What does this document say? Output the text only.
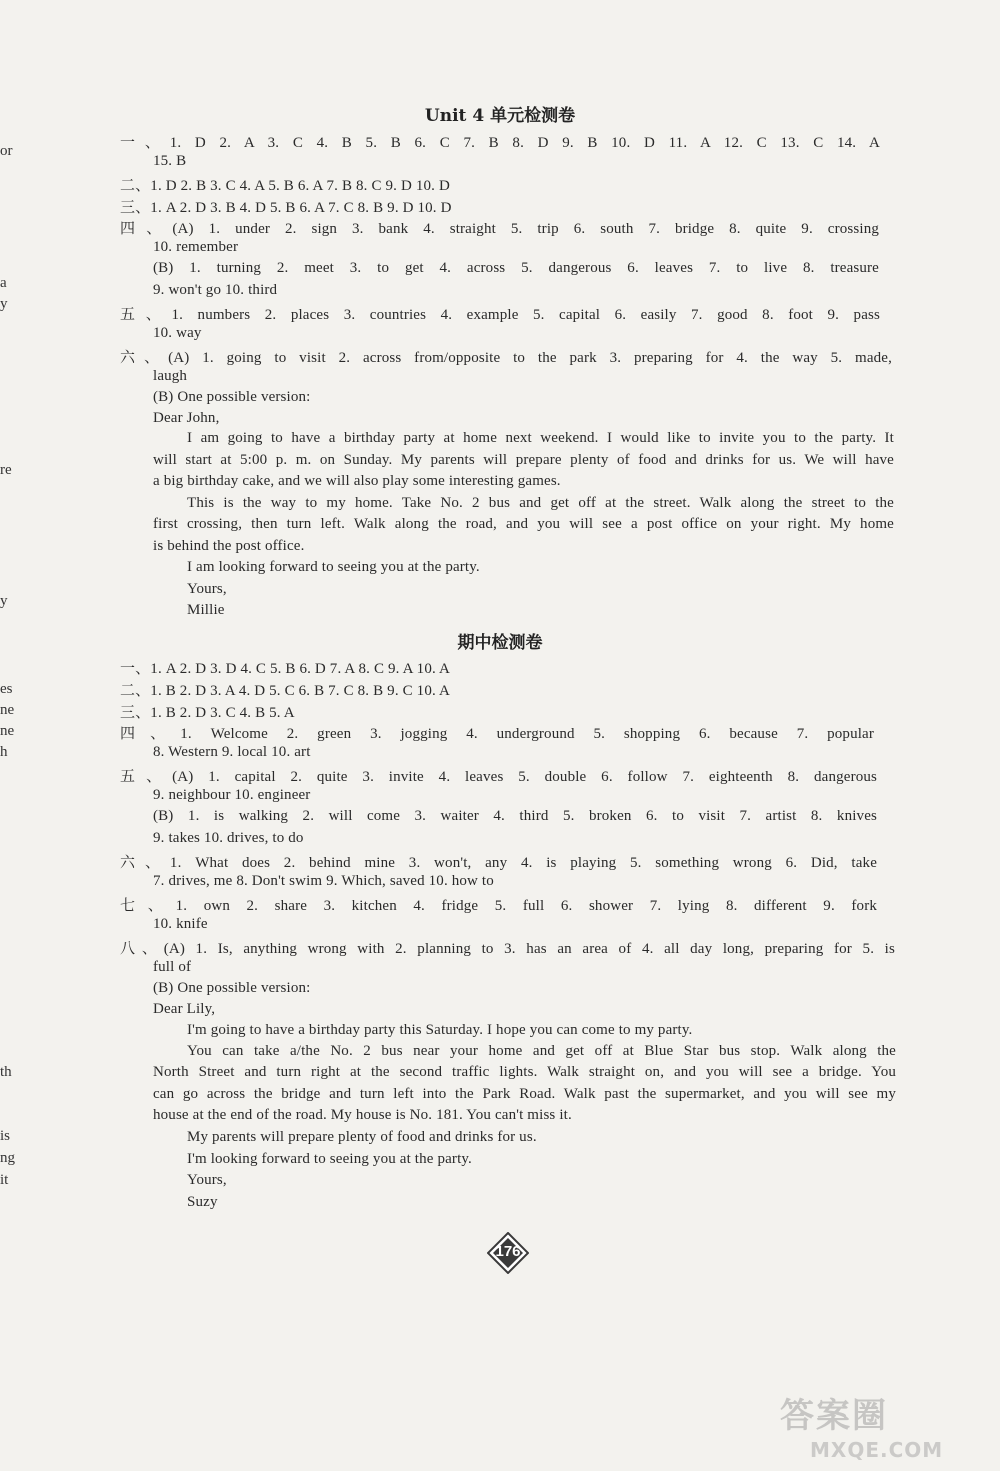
or
a
y
re
y
es
ne
ne
h
th
is
ng
it
Unit 4 单元检测卷
一、1. D 2. A 3. C 4. B 5. B 6. C 7. B 8. D 9. B 10. D 11. A 12. C 13. C 14. A
15. B
二、1. D 2. B 3. C 4. A 5. B 6. A 7. B 8. C 9. D 10. D
三、1. A 2. D 3. B 4. D 5. B 6. A 7. C 8. B 9. D 10. D
四、(A) 1. under 2. sign 3. bank 4. straight 5. trip 6. south 7. bridge 8. quite 9. crossing
10. remember
(B) 1. turning 2. meet 3. to get 4. across 5. dangerous 6. leaves 7. to live 8. treasure
9. won't go 10. third
五、1. numbers 2. places 3. countries 4. example 5. capital 6. easily 7. good 8. foot 9. pass
10. way
六、(A) 1. going to visit 2. across from/opposite to the park 3. preparing for 4. the way 5. made,
laugh
(B) One possible version:
Dear John,
I am going to have a birthday party at home next weekend. I would like to invite you to the party. It
will start at 5:00 p. m. on Sunday. My parents will prepare plenty of food and drinks for us. We will have
a big birthday cake, and we will also play some interesting games.
This is the way to my home. Take No. 2 bus and get off at the street. Walk along the street to the
first crossing, then turn left. Walk along the road, and you will see a post office on your right. My home
is behind the post office.
I am looking forward to seeing you at the party.
Yours,
Millie
期中检测卷
一、1. A 2. D 3. D 4. C 5. B 6. D 7. A 8. C 9. A 10. A
二、1. B 2. D 3. A 4. D 5. C 6. B 7. C 8. B 9. C 10. A
三、1. B 2. D 3. C 4. B 5. A
四、1. Welcome 2. green 3. jogging 4. underground 5. shopping 6. because 7. popular
8. Western 9. local 10. art
五、(A) 1. capital 2. quite 3. invite 4. leaves 5. double 6. follow 7. eighteenth 8. dangerous
9. neighbour 10. engineer
(B) 1. is walking 2. will come 3. waiter 4. third 5. broken 6. to visit 7. artist 8. knives
9. takes 10. drives, to do
六、1. What does 2. behind mine 3. won't, any 4. is playing 5. something wrong 6. Did, take
7. drives, me 8. Don't swim 9. Which, saved 10. how to
七、1. own 2. share 3. kitchen 4. fridge 5. full 6. shower 7. lying 8. different 9. fork
10. knife
八、(A) 1. Is, anything wrong with 2. planning to 3. has an area of 4. all day long, preparing for 5. is
full of
(B) One possible version:
Dear Lily,
I'm going to have a birthday party this Saturday. I hope you can come to my party.
You can take a/the No. 2 bus near your home and get off at Blue Star bus stop. Walk along the
North Street and turn right at the second traffic lights. Walk straight on, and you will see a bridge. You
can go across the bridge and turn left into the Park Road. Walk past the supermarket, and you will see my
house at the end of the road. My house is No. 181. You can't miss it.
My parents will prepare plenty of food and drinks for us.
I'm looking forward to seeing you at the party.
Yours,
Suzy
176
答案圈
MXQE.COM
